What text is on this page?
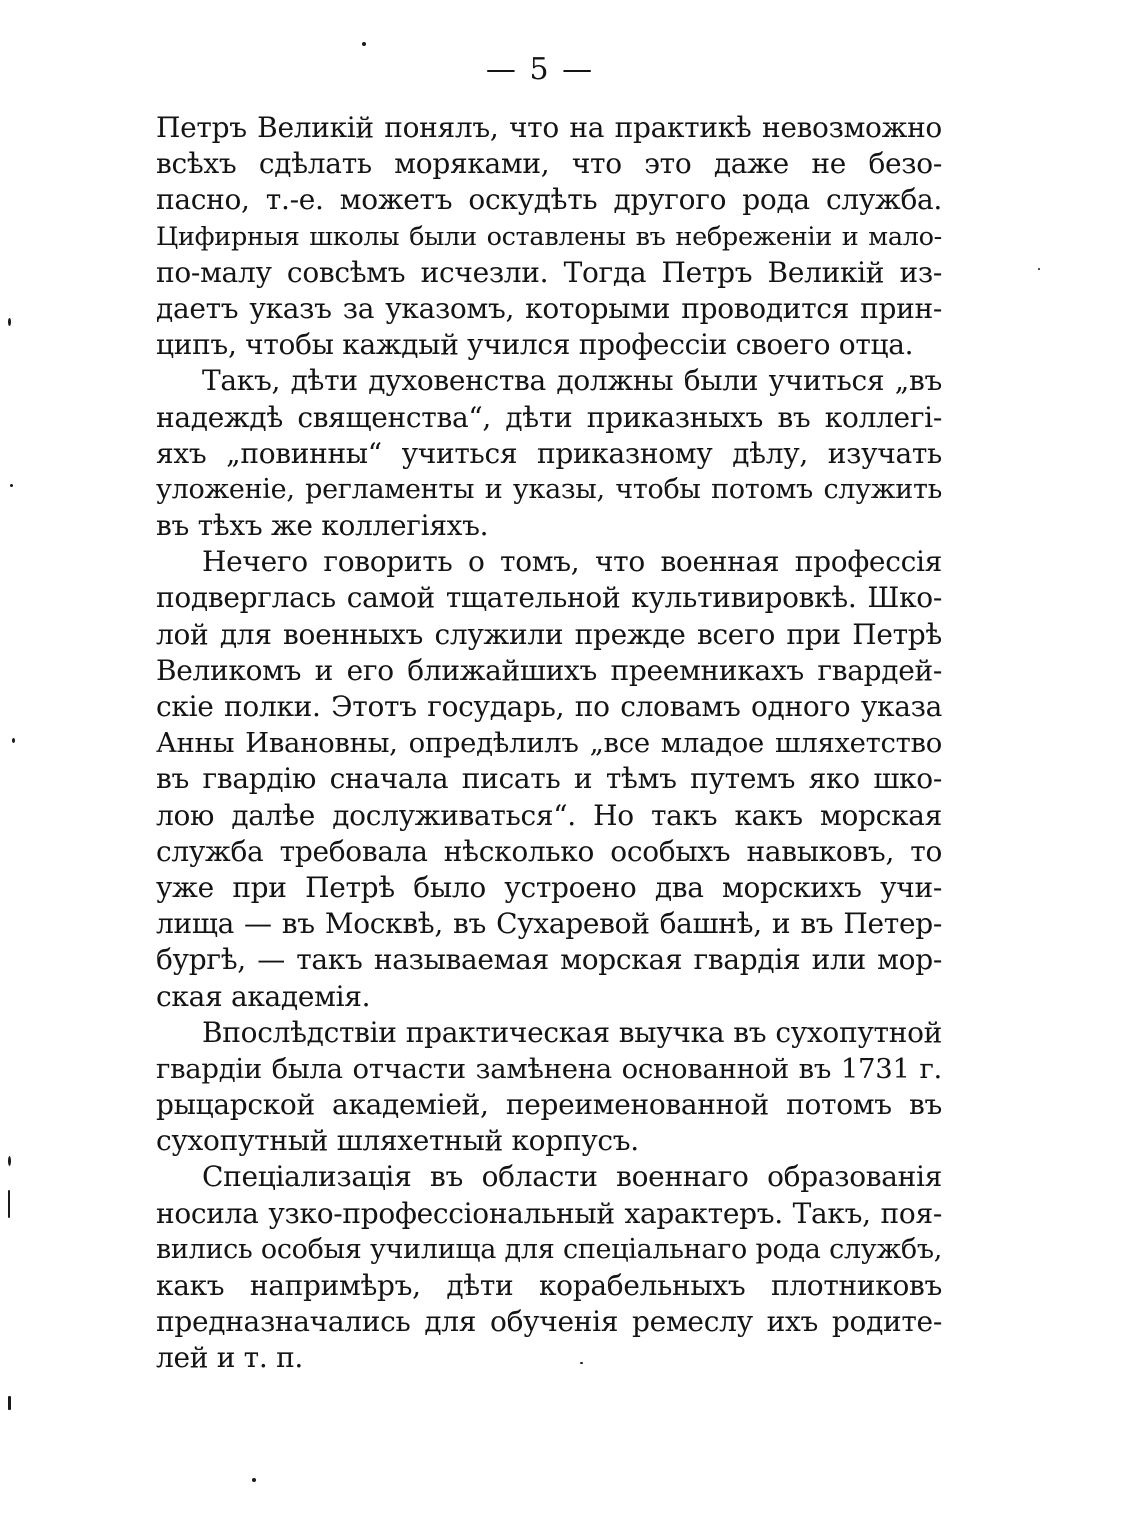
— 5 —
Петръ Великій понялъ, что на практикѣ невозможно
всѣхъ сдѣлать моряками, что это даже не безо-
пасно, т.-е. можетъ оскудѣть другого рода служба.
Цифирныя школы были оставлены въ небреженіи и мало-
по-малу совсѣмъ исчезли. Тогда Петръ Великій из-
даетъ указъ за указомъ, которыми проводится прин-
ципъ, чтобы каждый учился профессіи своего отца.
Такъ, дѣти духовенства должны были учиться „въ
надеждѣ священства“, дѣти приказныхъ въ коллегі-
яхъ „повинны“ учиться приказному дѣлу, изучать
уложеніе, регламенты и указы, чтобы потомъ служить
въ тѣхъ же коллегіяхъ.
Нечего говорить о томъ, что военная профессія
подверглась самой тщательной культивировкѣ. Шко-
лой для военныхъ служили прежде всего при Петрѣ
Великомъ и его ближайшихъ преемникахъ гвардей-
скіе полки. Этотъ государь, по словамъ одного указа
Анны Ивановны, опредѣлилъ „все младое шляхетство
въ гвардію сначала писать и тѣмъ путемъ яко шко-
лою далѣе дослуживаться“. Но такъ какъ морская
служба требовала нѣсколько особыхъ навыковъ, то
уже при Петрѣ было устроено два морскихъ учи-
лища — въ Москвѣ, въ Сухаревой башнѣ, и въ Петер-
бургѣ, — такъ называемая морская гвардія или мор-
ская академія.
Впослѣдствіи практическая выучка въ сухопутной
гвардіи была отчасти замѣнена основанной въ 1731 г.
рыцарской академіей, переименованной потомъ въ
сухопутный шляхетный корпусъ.
Спеціализація въ области военнаго образованія
носила узко-профессіональный характеръ. Такъ, поя-
вились особыя училища для спеціальнаго рода службъ,
какъ напримѣръ, дѣти корабельныхъ плотниковъ
предназначались для обученія ремеслу ихъ родите-
лей и т. п.
